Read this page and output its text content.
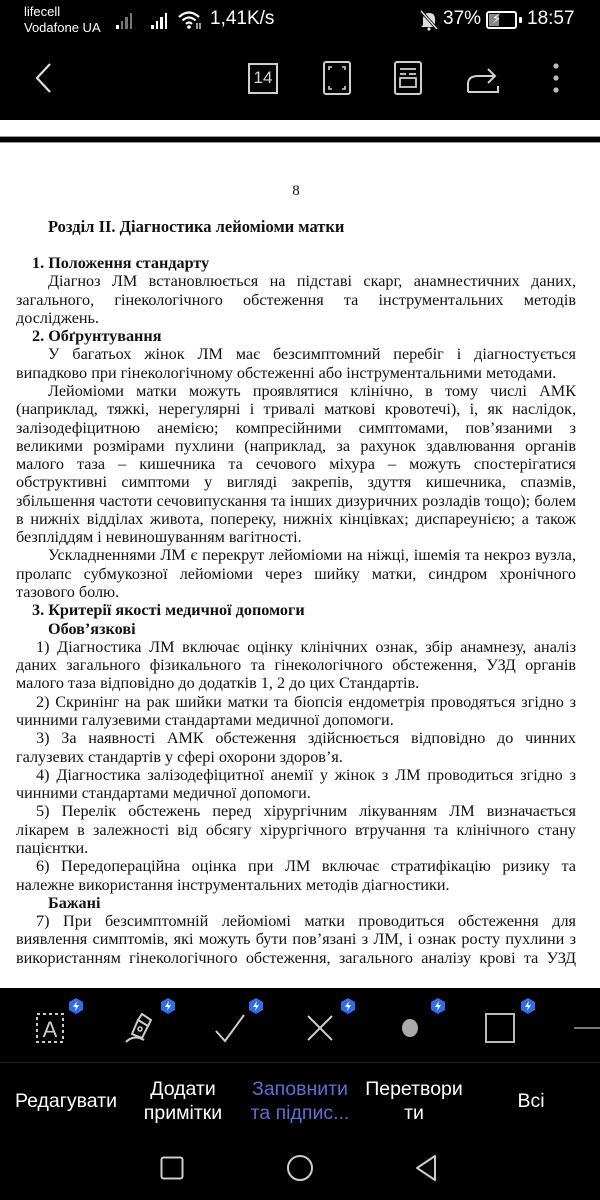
lifecell
Vodafone UA	1,41K/s	37% ⚡ 18:57
14
8
Розділ II. Діагностика лейоміоми матки
1. Положення стандарту
Діагноз ЛМ встановлюється на підставі скарг, анамнестичних даних,
загального, гінекологічного обстеження та інструментальних методів
досліджень.
2. Обґрунтування
У багатьох жінок ЛМ має безсимптомний перебіг і діагностується
випадково при гінекологічному обстеженні або інструментальними методами.
Лейоміоми матки можуть проявлятися клінічно, в тому числі АМК
(наприклад, тяжкі, нерегулярні і тривалі маткові кровотечі), і, як наслідок,
залізодефіцитною анемією; компресійними симптомами, пов’язаними з
великими розмірами пухлини (наприклад, за рахунок здавлювання органів
малого таза – кишечника та сечового міхура – можуть спостерігатися
обструктивні симптоми у вигляді закрепів, здуття кишечника, спазмів,
збільшення частоти сечовипускання та інших дизуричних розладів тощо); болем
в нижніх відділах живота, попереку, нижніх кінцівках; диспареунією; а також
безпліддям і невиношуванням вагітності.
Ускладненнями ЛМ є перекрут лейоміоми на ніжці, ішемія та некроз вузла,
пролапс субмукозної лейоміоми через шийку матки, синдром хронічного
тазового болю.
3. Критерії якості медичної допомоги
Обов’язкові
1) Діагностика ЛМ включає оцінку клінічних ознак, збір анамнезу, аналіз
даних загального фізикального та гінекологічного обстеження, УЗД органів
малого таза відповідно до додатків 1, 2 до цих Стандартів.
2) Скринінг на рак шийки матки та біопсія ендометрія проводяться згідно з
чинними галузевими стандартами медичної допомоги.
3) За наявності АМК обстеження здійснюється відповідно до чинних
галузевих стандартів у сфері охорони здоров’я.
4) Діагностика залізодефіцитної анемії у жінок з ЛМ проводиться згідно з
чинними стандартами медичної допомоги.
5) Перелік обстежень перед хірургічним лікуванням ЛМ визначається
лікарем в залежності від обсягу хірургічного втручання та клінічного стану
пацієнтки.
6) Передопераційна оцінка при ЛМ включає стратифікацію ризику та
належне використання інструментальних методів діагностики.
Бажані
7) При безсимптомній лейоміомі матки проводиться обстеження для
виявлення симптомів, які можуть бути пов’язані з ЛМ, і ознак росту пухлини з
використанням гінекологічного обстеження, загального аналізу крові та УЗД
A
Редагувати
Додати
примітки
Заповнити
та підпис...
Перетвори
ти
Всі
